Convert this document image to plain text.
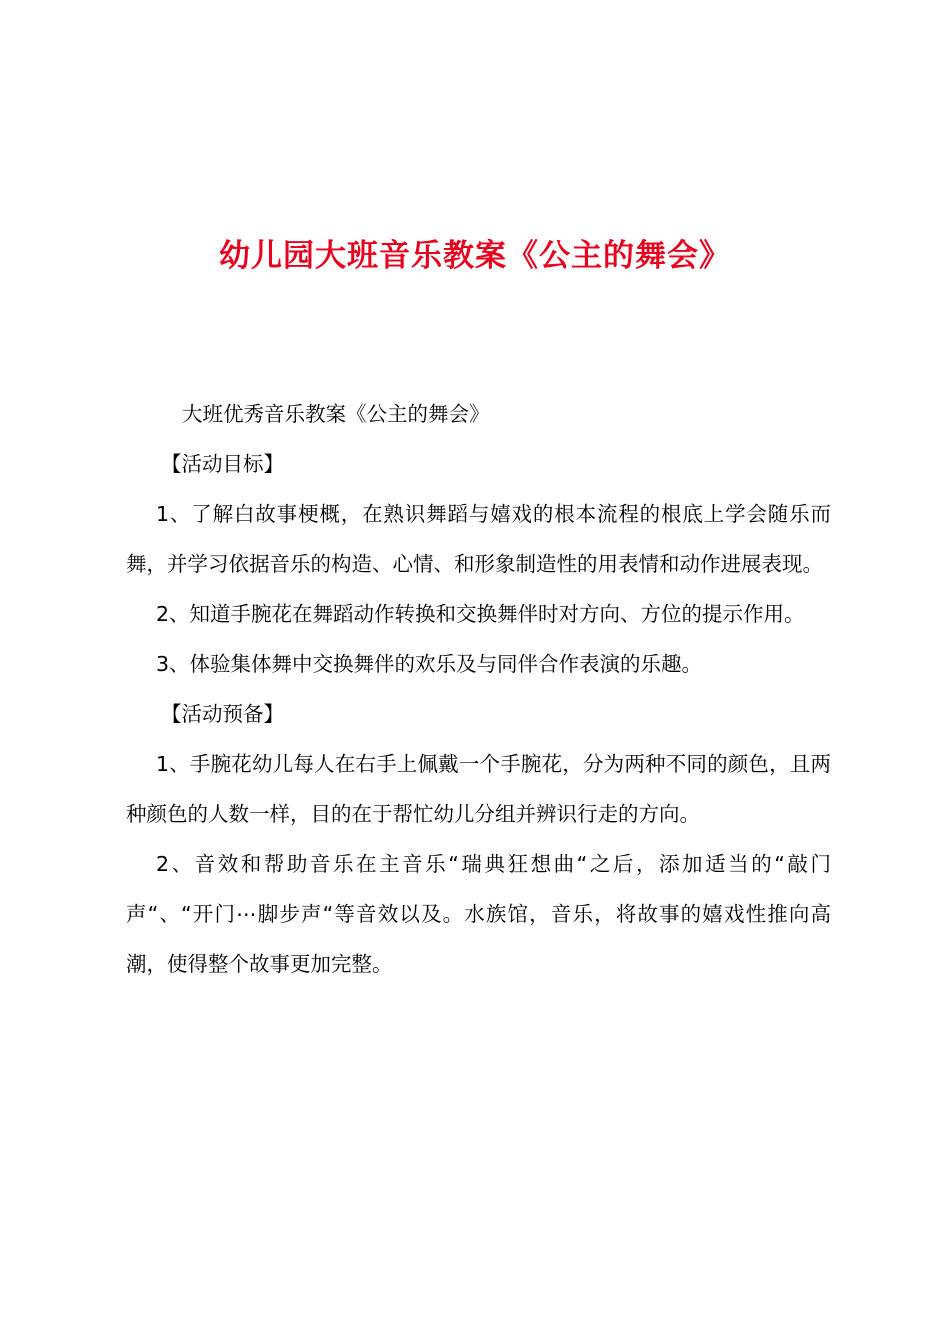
幼儿园大班音乐教案《公主的舞会》

大班优秀音乐教案《公主的舞会》

【活动目标】

1、了解白故事梗概，在熟识舞蹈与嬉戏的根本流程的根底上学会随乐而舞，并学习依据音乐的构造、心情、和形象制造性的用表情和动作进展表现。

2、知道手腕花在舞蹈动作转换和交换舞伴时对方向、方位的提示作用。

3、体验集体舞中交换舞伴的欢乐及与同伴合作表演的乐趣。

【活动预备】

1、手腕花幼儿每人在右手上佩戴一个手腕花，分为两种不同的颜色，且两种颜色的人数一样，目的在于帮忙幼儿分组并辨识行走的方向。

2、音效和帮助音乐在主音乐“瑞典狂想曲“之后，添加适当的“敲门声“、“开门⋯脚步声“等音效以及。水族馆，音乐，将故事的嬉戏性推向高潮，使得整个故事更加完整。
